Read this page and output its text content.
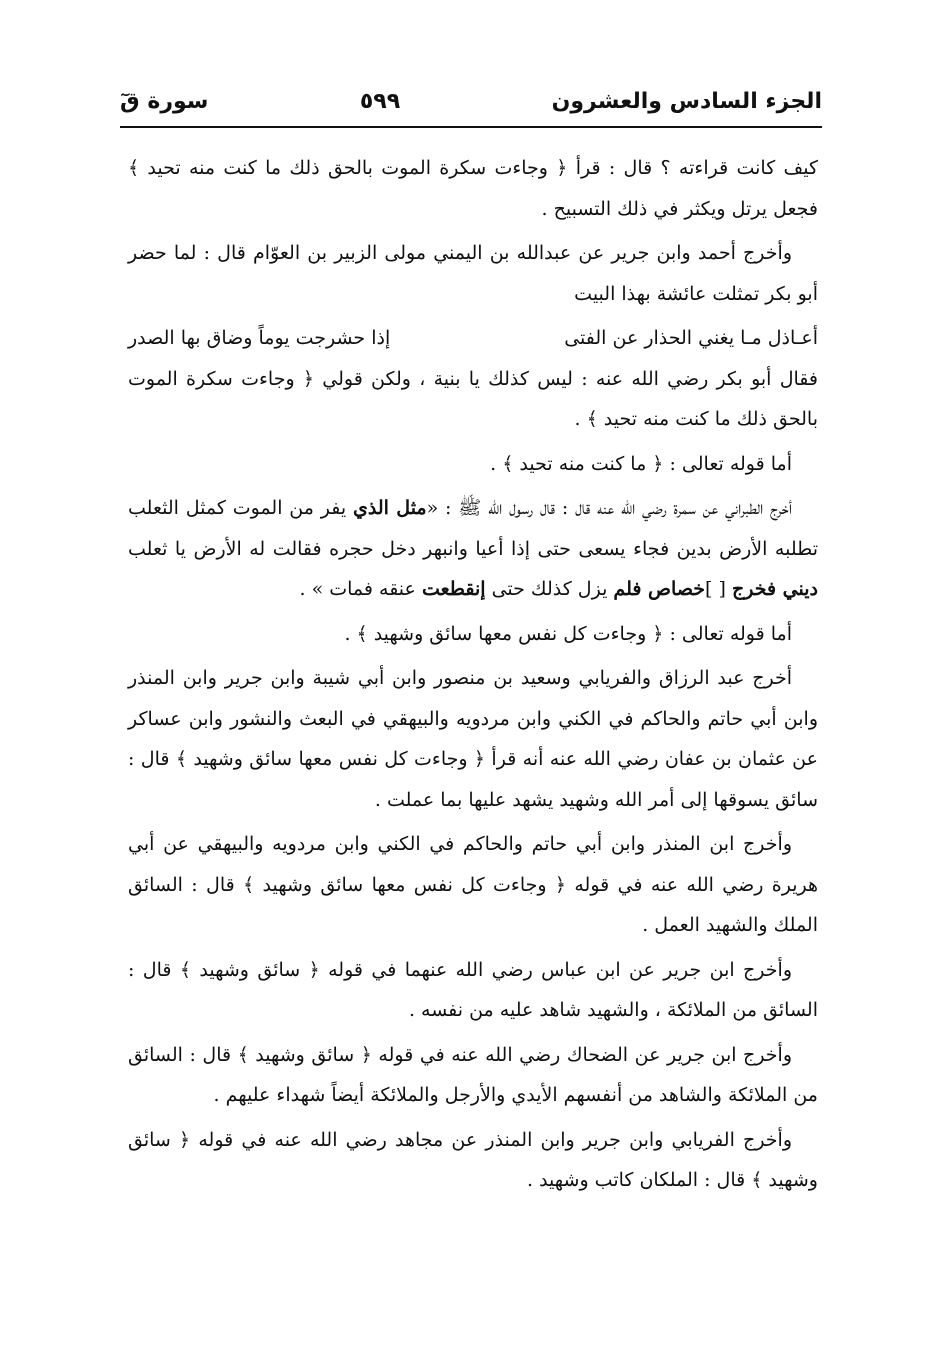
الجزء السادس والعشرون
٥٩٩
سورة قٓ

كيف كانت قراءته ؟ قال : قرأ ﴿ وجاءت سكرة الموت بالحق ذلك ما كنت منه تحيد ﴾ فجعل يرتل ويكثر في ذلك التسبيح .

وأخرج أحمد وابن جرير عن عبدالله بن اليمني مولى الزبير بن العوّام قال : لما حضر أبو بكر تمثلت عائشة بهذا البيت

أعـاذل مـا يغني الحذار عن الفتى
إذا حشرجت يوماً وضاق بها الصدر

فقال أبو بكر رضي الله عنه : ليس كذلك يا بنية ، ولكن قولي ﴿ وجاءت سكرة الموت بالحق ذلك ما كنت منه تحيد ﴾ .

أما قوله تعالى : ﴿ ما كنت منه تحيد ﴾ .

أخرج الطبراني عن سمرة رضي الله عنه قال : قال رسول الله ﷺ : «مثل الذي يفر من الموت كمثل الثعلب تطلبه الأرض بدين فجاء يسعى حتى إذا أعيا وانبهر دخل حجره فقالت له الأرض يا ثعلب ديني فخرج [ ]خصاص فلم يزل كذلك حتى إنقطعت عنقه فمات » .

أما قوله تعالى : ﴿ وجاءت كل نفس معها سائق وشهيد ﴾ .

أخرج عبد الرزاق والفريابي وسعيد بن منصور وابن أبي شيبة وابن جرير وابن المنذر وابن أبي حاتم والحاكم في الكني وابن مردويه والبيهقي في البعث والنشور وابن عساكر عن عثمان بن عفان رضي الله عنه أنه قرأ ﴿ وجاءت كل نفس معها سائق وشهيد ﴾ قال : سائق يسوقها إلى أمر الله وشهيد يشهد عليها بما عملت .

وأخرج ابن المنذر وابن أبي حاتم والحاكم في الكني وابن مردويه والبيهقي عن أبي هريرة رضي الله عنه في قوله ﴿ وجاءت كل نفس معها سائق وشهيد ﴾ قال : السائق الملك والشهيد العمل .

وأخرج ابن جرير عن ابن عباس رضي الله عنهما في قوله ﴿ سائق وشهيد ﴾ قال : السائق من الملائكة ، والشهيد شاهد عليه من نفسه .

وأخرج ابن جرير عن الضحاك رضي الله عنه في قوله ﴿ سائق وشهيد ﴾ قال : السائق من الملائكة والشاهد من أنفسهم الأيدي والأرجل والملائكة أيضاً شهداء عليهم .

وأخرج الفريابي وابن جرير وابن المنذر عن مجاهد رضي الله عنه في قوله ﴿ سائق وشهيد ﴾ قال : الملكان كاتب وشهيد .
